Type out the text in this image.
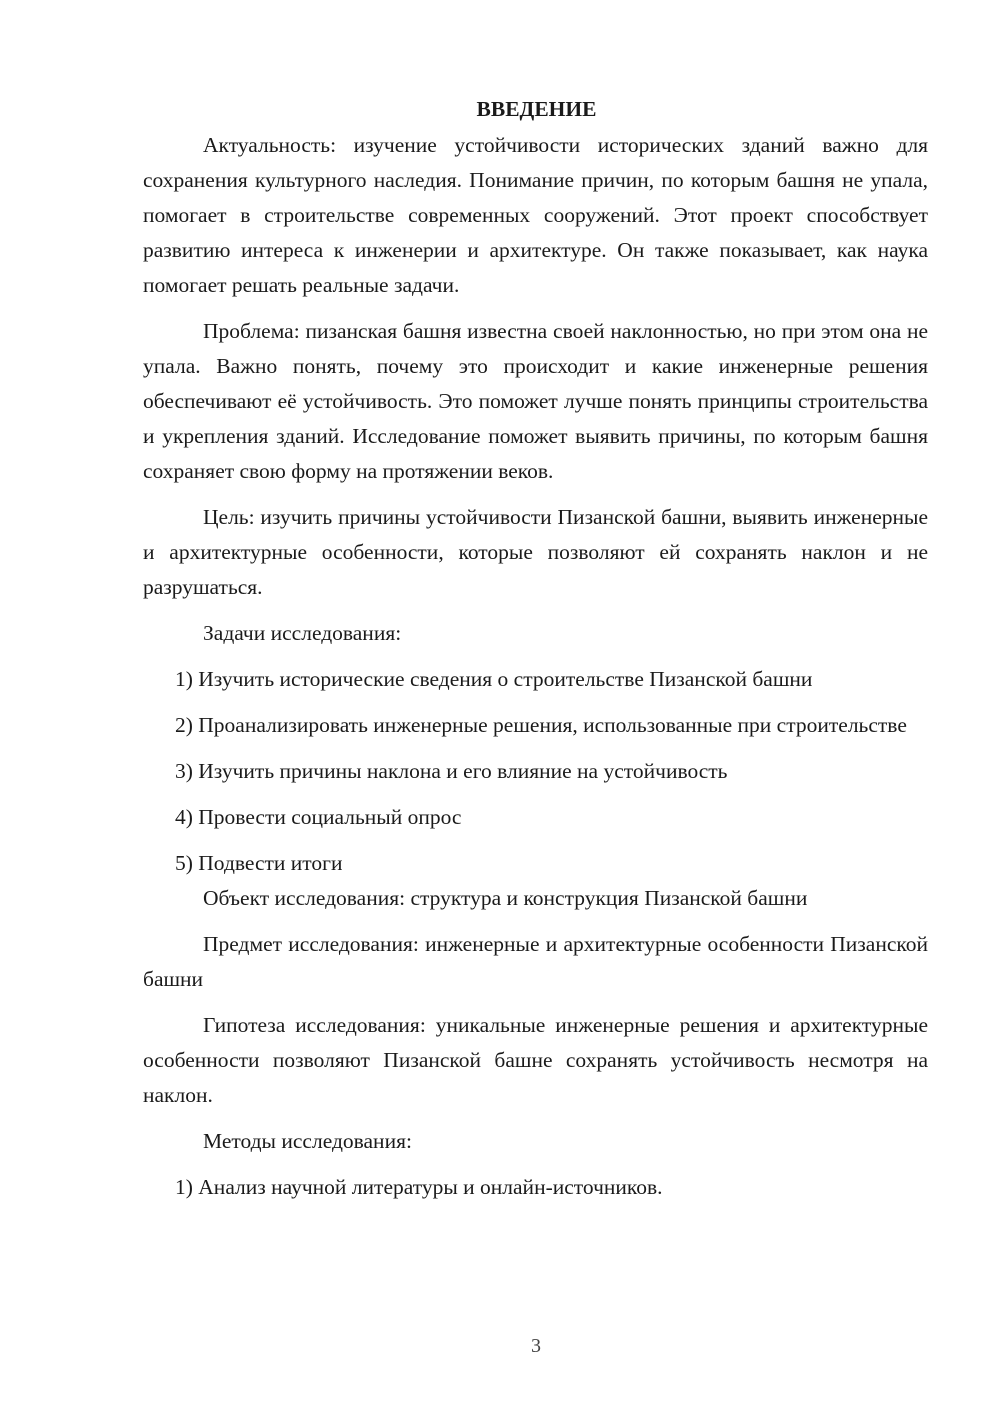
ВВЕДЕНИЕ

Актуальность: изучение устойчивости исторических зданий важно для сохранения культурного наследия. Понимание причин, по которым башня не упала, помогает в строительстве современных сооружений. Этот проект способствует развитию интереса к инженерии и архитектуре. Он также показывает, как наука помогает решать реальные задачи.

Проблема: пизанская башня известна своей наклонностью, но при этом она не упала. Важно понять, почему это происходит и какие инженерные решения обеспечивают её устойчивость. Это поможет лучше понять принципы строительства и укрепления зданий. Исследование поможет выявить причины, по которым башня сохраняет свою форму на протяжении веков.

Цель: изучить причины устойчивости Пизанской башни, выявить инженерные и архитектурные особенности, которые позволяют ей сохранять наклон и не разрушаться.

Задачи исследования:

1) Изучить исторические сведения о строительстве Пизанской башни

2) Проанализировать инженерные решения, использованные при строительстве

3) Изучить причины наклона и его влияние на устойчивость

4) Провести социальный опрос

5) Подвести итоги

Объект исследования: структура и конструкция Пизанской башни

Предмет исследования: инженерные и архитектурные особенности Пизанской башни

Гипотеза исследования: уникальные инженерные решения и архитектурные особенности позволяют Пизанской башне сохранять устойчивость несмотря на наклон.

Методы исследования:

1) Анализ научной литературы и онлайн-источников.

3
